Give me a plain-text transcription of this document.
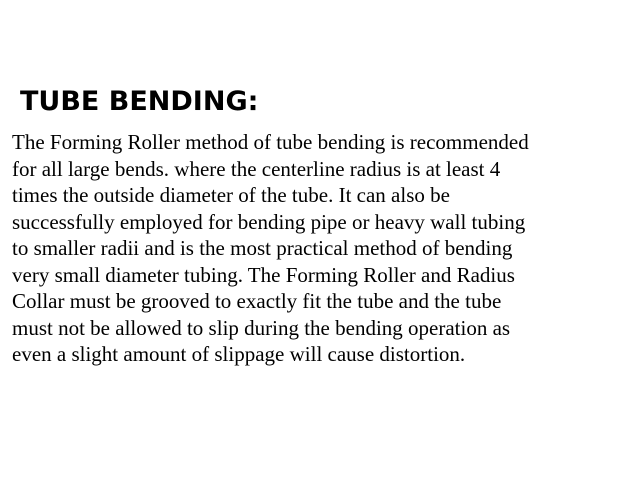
TUBE BENDING:
The Forming Roller method of tube bending is recommended
for all large bends. where the centerline radius is at least 4
times the outside diameter of the tube. It can also be
successfully employed for bending pipe or heavy wall tubing
to smaller radii and is the most practical method of bending
very small diameter tubing. The Forming Roller and Radius
Collar must be grooved to exactly fit the tube and the tube
must not be allowed to slip during the bending operation as
even a slight amount of slippage will cause distortion.
